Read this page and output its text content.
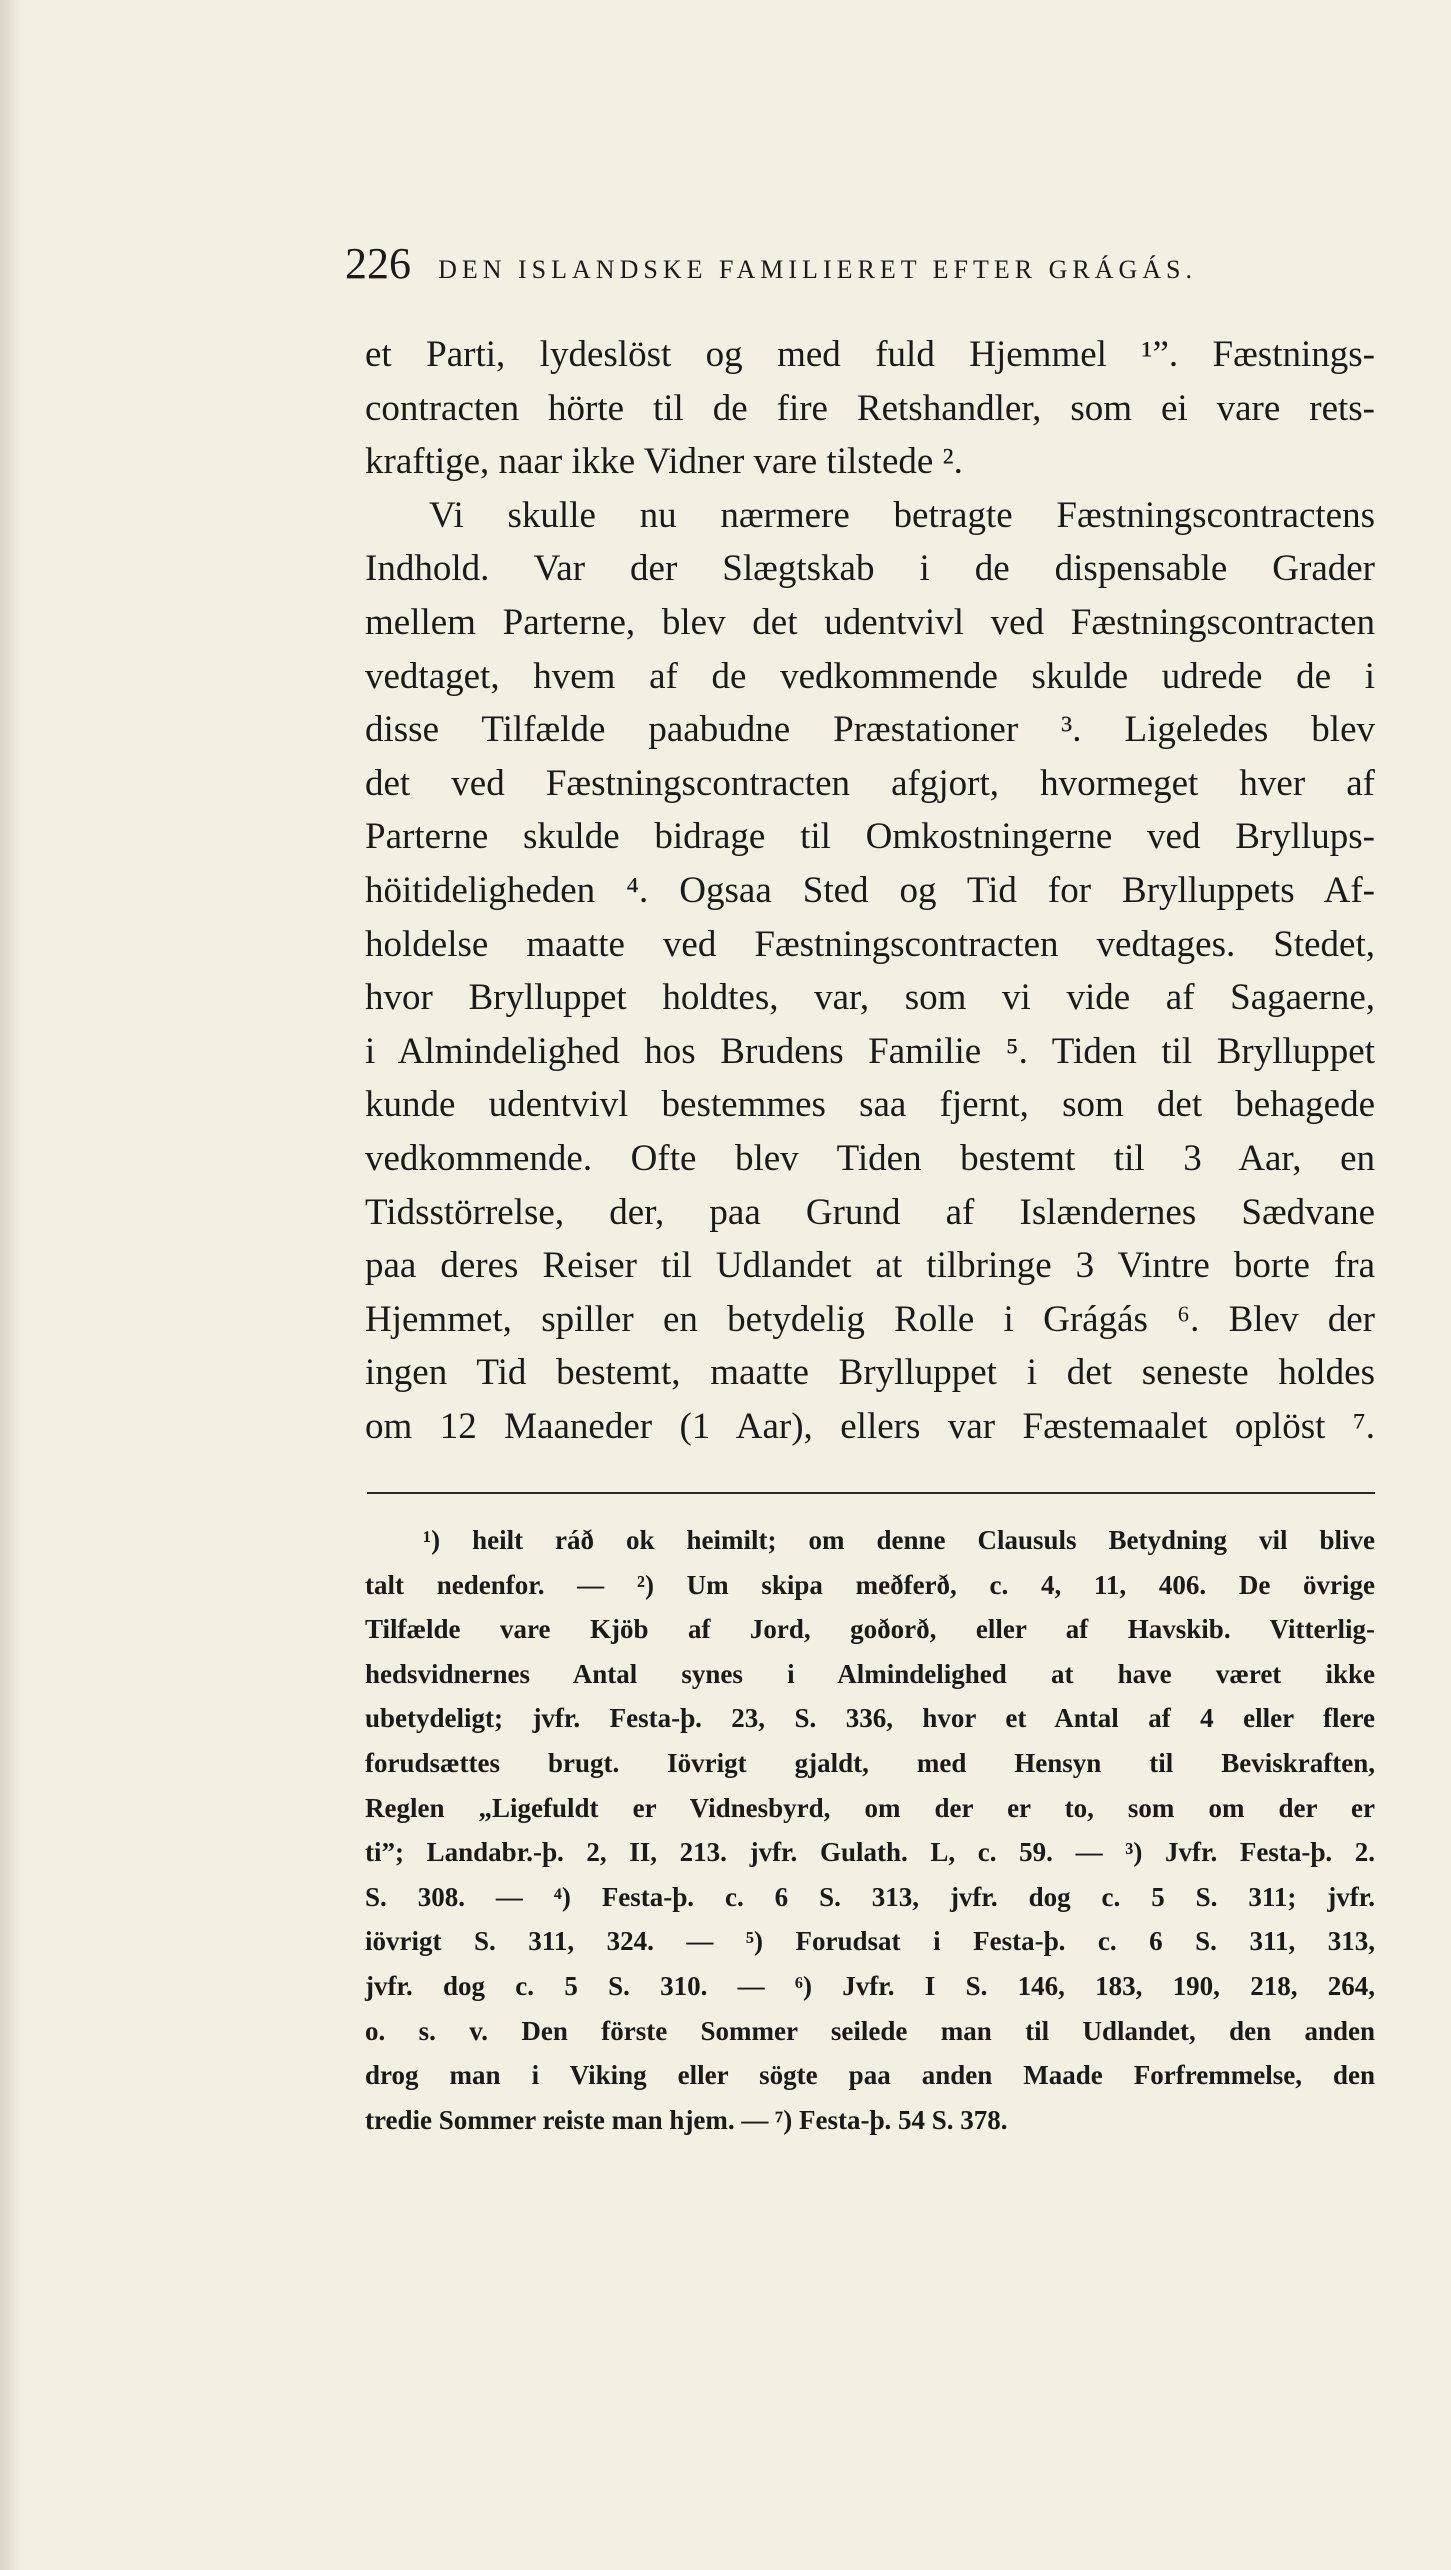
226 DEN ISLANDSKE FAMILIERET EFTER GRÁGÁS.
et Parti, lydeslöst og med fuld Hjemmel ¹”. Fæstnings-
contracten hörte til de fire Retshandler, som ei vare rets-
kraftige, naar ikke Vidner vare tilstede ².
Vi skulle nu nærmere betragte Fæstningscontractens
Indhold. Var der Slægtskab i de dispensable Grader
mellem Parterne, blev det udentvivl ved Fæstningscontracten
vedtaget, hvem af de vedkommende skulde udrede de i
disse Tilfælde paabudne Præstationer ³. Ligeledes blev
det ved Fæstningscontracten afgjort, hvormeget hver af
Parterne skulde bidrage til Omkostningerne ved Bryllups-
höitideligheden ⁴. Ogsaa Sted og Tid for Brylluppets Af-
holdelse maatte ved Fæstningscontracten vedtages. Stedet,
hvor Brylluppet holdtes, var, som vi vide af Sagaerne,
i Almindelighed hos Brudens Familie ⁵. Tiden til Brylluppet
kunde udentvivl bestemmes saa fjernt, som det behagede
vedkommende. Ofte blev Tiden bestemt til 3 Aar, en
Tidsstörrelse, der, paa Grund af Islændernes Sædvane
paa deres Reiser til Udlandet at tilbringe 3 Vintre borte fra
Hjemmet, spiller en betydelig Rolle i Grágás ⁶. Blev der
ingen Tid bestemt, maatte Brylluppet i det seneste holdes
om 12 Maaneder (1 Aar), ellers var Fæstemaalet oplöst ⁷.
¹) heilt ráð ok heimilt; om denne Clausuls Betydning vil blive
talt nedenfor. — ²) Um skipa meðferð, c. 4, 11, 406. De övrige
Tilfælde vare Kjöb af Jord, goðorð, eller af Havskib. Vitterlig-
hedsvidnernes Antal synes i Almindelighed at have været ikke
ubetydeligt; jvfr. Festa-þ. 23, S. 336, hvor et Antal af 4 eller flere
forudsættes brugt. Iövrigt gjaldt, med Hensyn til Beviskraften,
Reglen „Ligefuldt er Vidnesbyrd, om der er to, som om der er
ti”; Landabr.-þ. 2, II, 213. jvfr. Gulath. L, c. 59. — ³) Jvfr. Festa-þ. 2.
S. 308. — ⁴) Festa-þ. c. 6 S. 313, jvfr. dog c. 5 S. 311; jvfr.
iövrigt S. 311, 324. — ⁵) Forudsat i Festa-þ. c. 6 S. 311, 313,
jvfr. dog c. 5 S. 310. — ⁶) Jvfr. I S. 146, 183, 190, 218, 264,
o. s. v. Den förste Sommer seilede man til Udlandet, den anden
drog man i Viking eller sögte paa anden Maade Forfremmelse, den
tredie Sommer reiste man hjem. — ⁷) Festa-þ. 54 S. 378.
